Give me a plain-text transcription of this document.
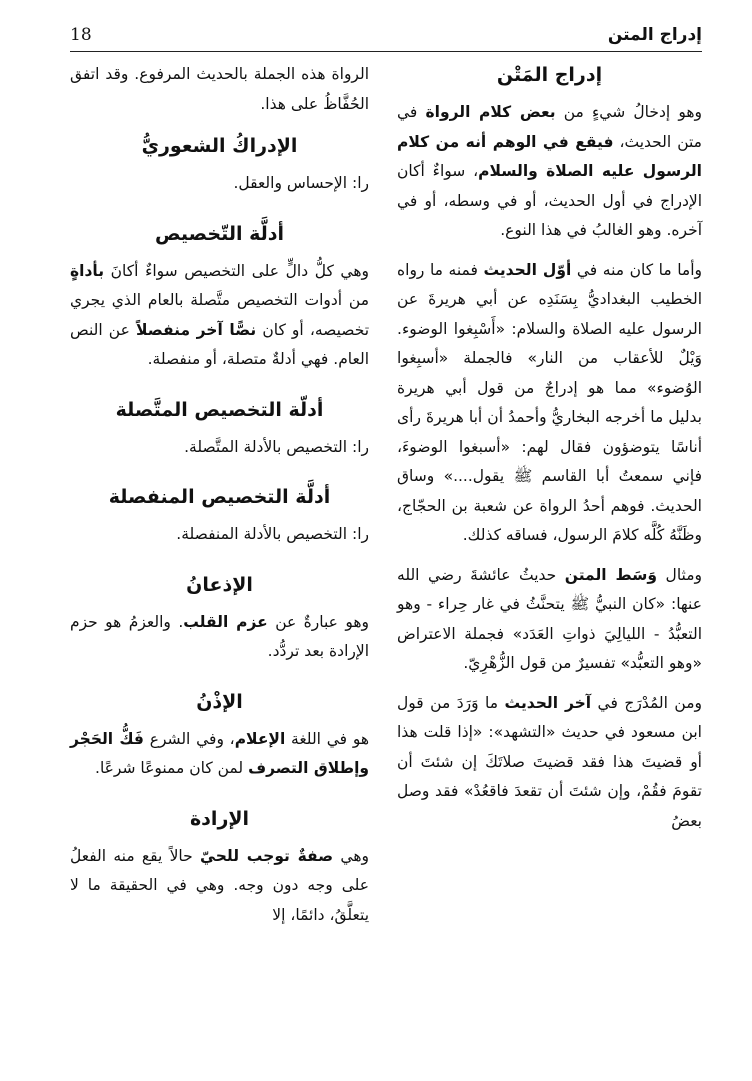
إدراج المتن
18
إدراج المَتْن

وهو إدخالُ شيءٍ من بعض كلام الرواة في متن الحديث، فيقع في الوهم أنه من كلام الرسول عليه الصلاة والسلام، سواءٌ أكان الإدراج في أول الحديث، أو في وسطه، أو في آخره. وهو الغالبُ في هذا النوع.

وأما ما كان منه في أوّل الحديث فمنه ما رواه الخطيب البغداديُّ بِسَنَدِه عن أبي هريرةَ عن الرسول عليه الصلاة والسلام: «أَسْبِغوا الوضوء. وَيْلٌ للأعقاب من النار» فالجملة «أسبِغوا الوُضوء» مما هو إدراجٌ من قول أبي هريرة بدليل ما أخرجه البخاريُّ وأحمدُ أن أبا هريرةَ رأى أناسًا يتوضؤون فقال لهم: «أسبغوا الوضوءَ، فإني سمعتُ أبا القاسم ﷺ يقول....» وساق الحديث. فوهم أحدُ الرواة عن شعبة بن الحجّاج، وظَنَّهُ كُلَّه كلامَ الرسول، فساقه كذلك.

ومثال وَسَط المتن حديثُ عائشةَ رضي الله عنها: «كان النبيُّ ﷺ يتحنَّثُ في غار حِراء - وهو التعبُّدُ - الليالِيَ ذواتِ العَدَد» فجملة الاعتراض «وهو التعبُّد» تفسيرٌ من قول الزُّهْرِيّ.

ومن المُدْرَج في آخر الحديث ما وَرَدَ من قول ابن مسعود في حديث «التشهد»: «إذا قلت هذا أو قضيتَ هذا فقد قضيتَ صلاتَكَ إن شئتَ أن تقومَ فقُمْ، وإن شئتَ أن تقعدَ فاقعُدْ» فقد وصل بعضُ

الرواة هذه الجملة بالحديث المرفوع. وقد اتفق الحُفَّاظُ على هذا.

الإدراكُ الشعوريُّ

را: الإحساس والعقل.

أدلَّة التّخصيص

وهي كلُّ دالٍّ على التخصيص سواءٌ أكانَ بأداةٍ من أدوات التخصيص متَّصلة بالعام الذي يجري تخصيصه، أو كان نصًّا آخر منفصلاً عن النص العام. فهي أدلةٌ متصلة، أو منفصلة.

أدلّة التخصيص المتَّصلة

را: التخصيص بالأدلة المتَّصلة.

أدلَّة التخصيص المنفصلة

را: التخصيص بالأدلة المنفصلة.

الإذعانُ

وهو عبارةٌ عن عزم القلب. والعزمُ هو حزم الإرادة بعد تردُّد.

الإذْنُ

هو في اللغة الإعلام، وفي الشرع فَكُّ الحَجْر وإطلاق التصرف لمن كان ممنوعًا شرعًا.

الإرادة

وهي صفةٌ توجب للحيّ حالاً يقع منه الفعلُ على وجه دون وجه. وهي في الحقيقة ما لا يتعلَّقُ، دائمًا، إلا
